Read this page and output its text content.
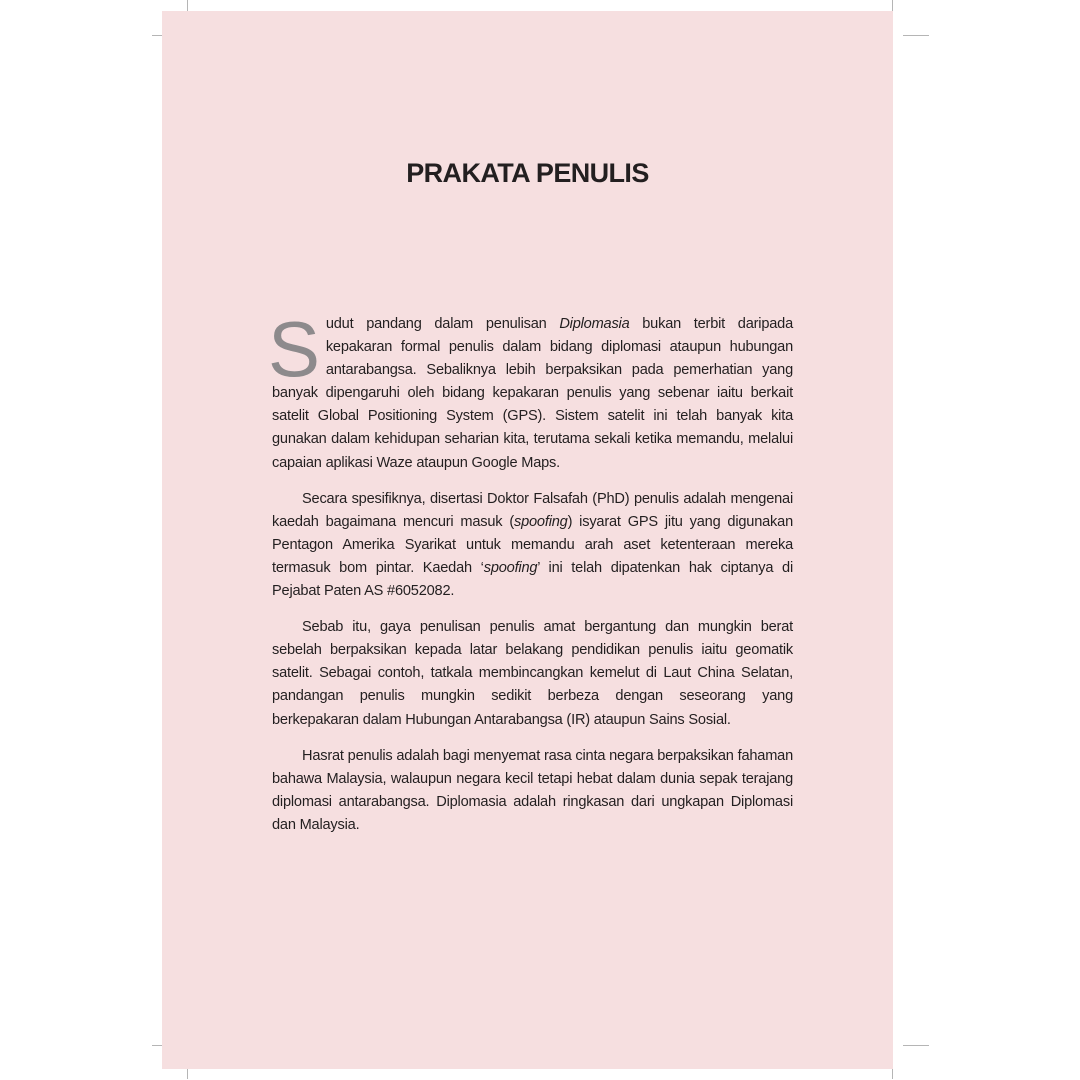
PRAKATA PENULIS

Sudut pandang dalam penulisan Diplomasia bukan terbit daripada kepakaran formal penulis dalam bidang diplomasi ataupun hubungan antarabangsa. Sebaliknya lebih berpaksikan pada pemerhatian yang banyak dipengaruhi oleh bidang kepakaran penulis yang sebenar iaitu berkait satelit Global Positioning System (GPS). Sistem satelit ini telah banyak kita gunakan dalam kehidupan seharian kita, terutama sekali ketika memandu, melalui capaian aplikasi Waze ataupun Google Maps.

Secara spesifiknya, disertasi Doktor Falsafah (PhD) penulis adalah mengenai kaedah bagaimana mencuri masuk (spoofing) isyarat GPS jitu yang digunakan Pentagon Amerika Syarikat untuk memandu arah aset ketenteraan mereka termasuk bom pintar. Kaedah ‘spoofing’ ini telah dipatenkan hak ciptanya di Pejabat Paten AS #6052082.

Sebab itu, gaya penulisan penulis amat bergantung dan mungkin berat sebelah berpaksikan kepada latar belakang pendidikan penulis iaitu geomatik satelit. Sebagai contoh, tatkala membincangkan kemelut di Laut China Selatan, pandangan penulis mungkin sedikit berbeza dengan seseorang yang berkepakaran dalam Hubungan Antarabangsa (IR) ataupun Sains Sosial.

Hasrat penulis adalah bagi menyemat rasa cinta negara berpaksikan fahaman bahawa Malaysia, walaupun negara kecil tetapi hebat dalam dunia sepak terajang diplomasi antarabangsa. Diplomasia adalah ringkasan dari ungkapan Diplomasi dan Malaysia.
